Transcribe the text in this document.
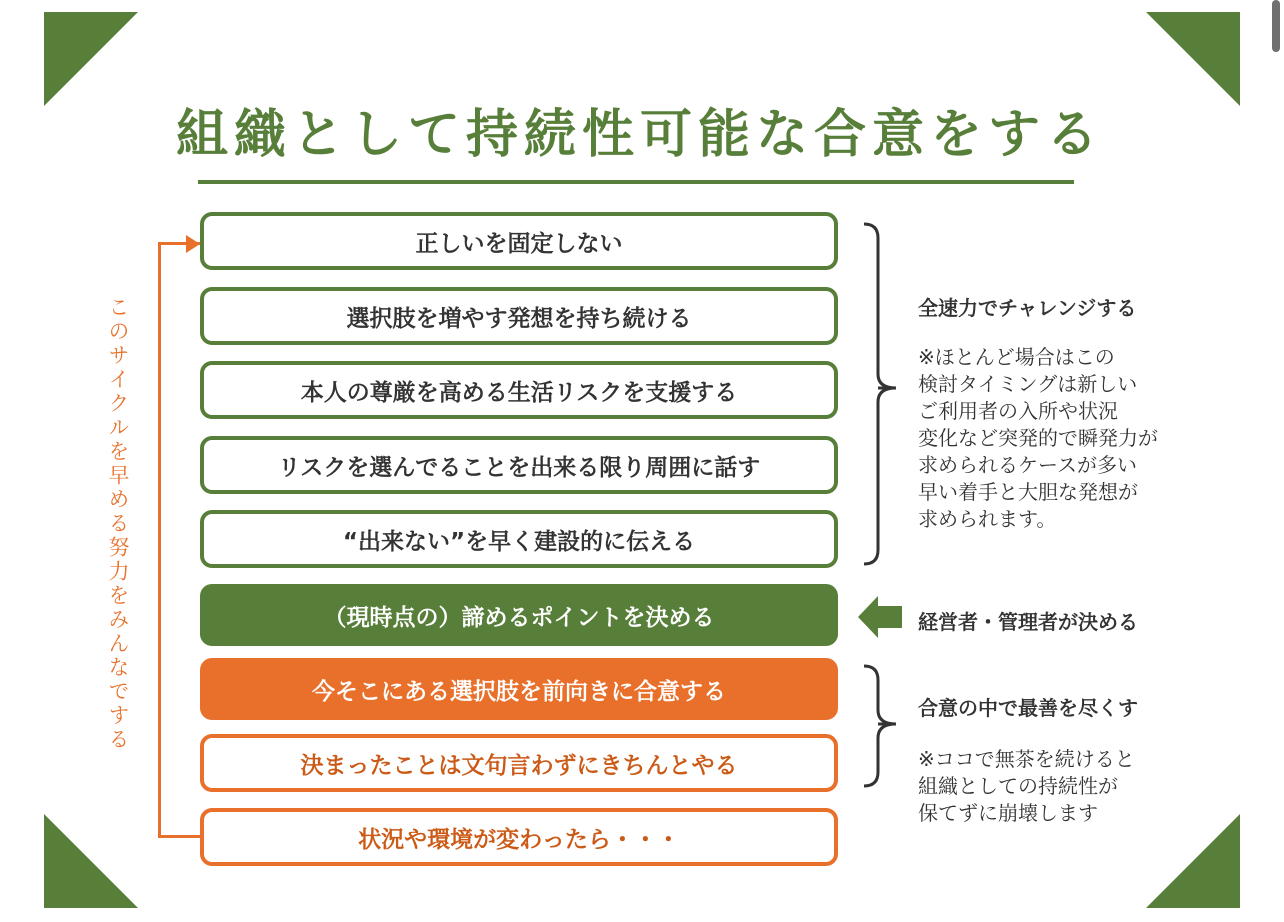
組織として持続性可能な合意をする
このサイクルを早める努力をみんなでする
正しいを固定しない
選択肢を増やす発想を持ち続ける
本人の尊厳を高める生活リスクを支援する
リスクを選んでることを出来る限り周囲に話す
“出来ない”を早く建設的に伝える
（現時点の）諦めるポイントを決める
今そこにある選択肢を前向きに合意する
決まったことは文句言わずにきちんとやる
状況や環境が変わったら・・・
全速力でチャレンジする
※ほとんど場合はこの
検討タイミングは新しい
ご利用者の入所や状況
変化など突発的で瞬発力が
求められるケースが多い
早い着手と大胆な発想が
求められます。
経営者・管理者が決める
合意の中で最善を尽くす
※ココで無茶を続けると
組織としての持続性が
保てずに崩壊します
